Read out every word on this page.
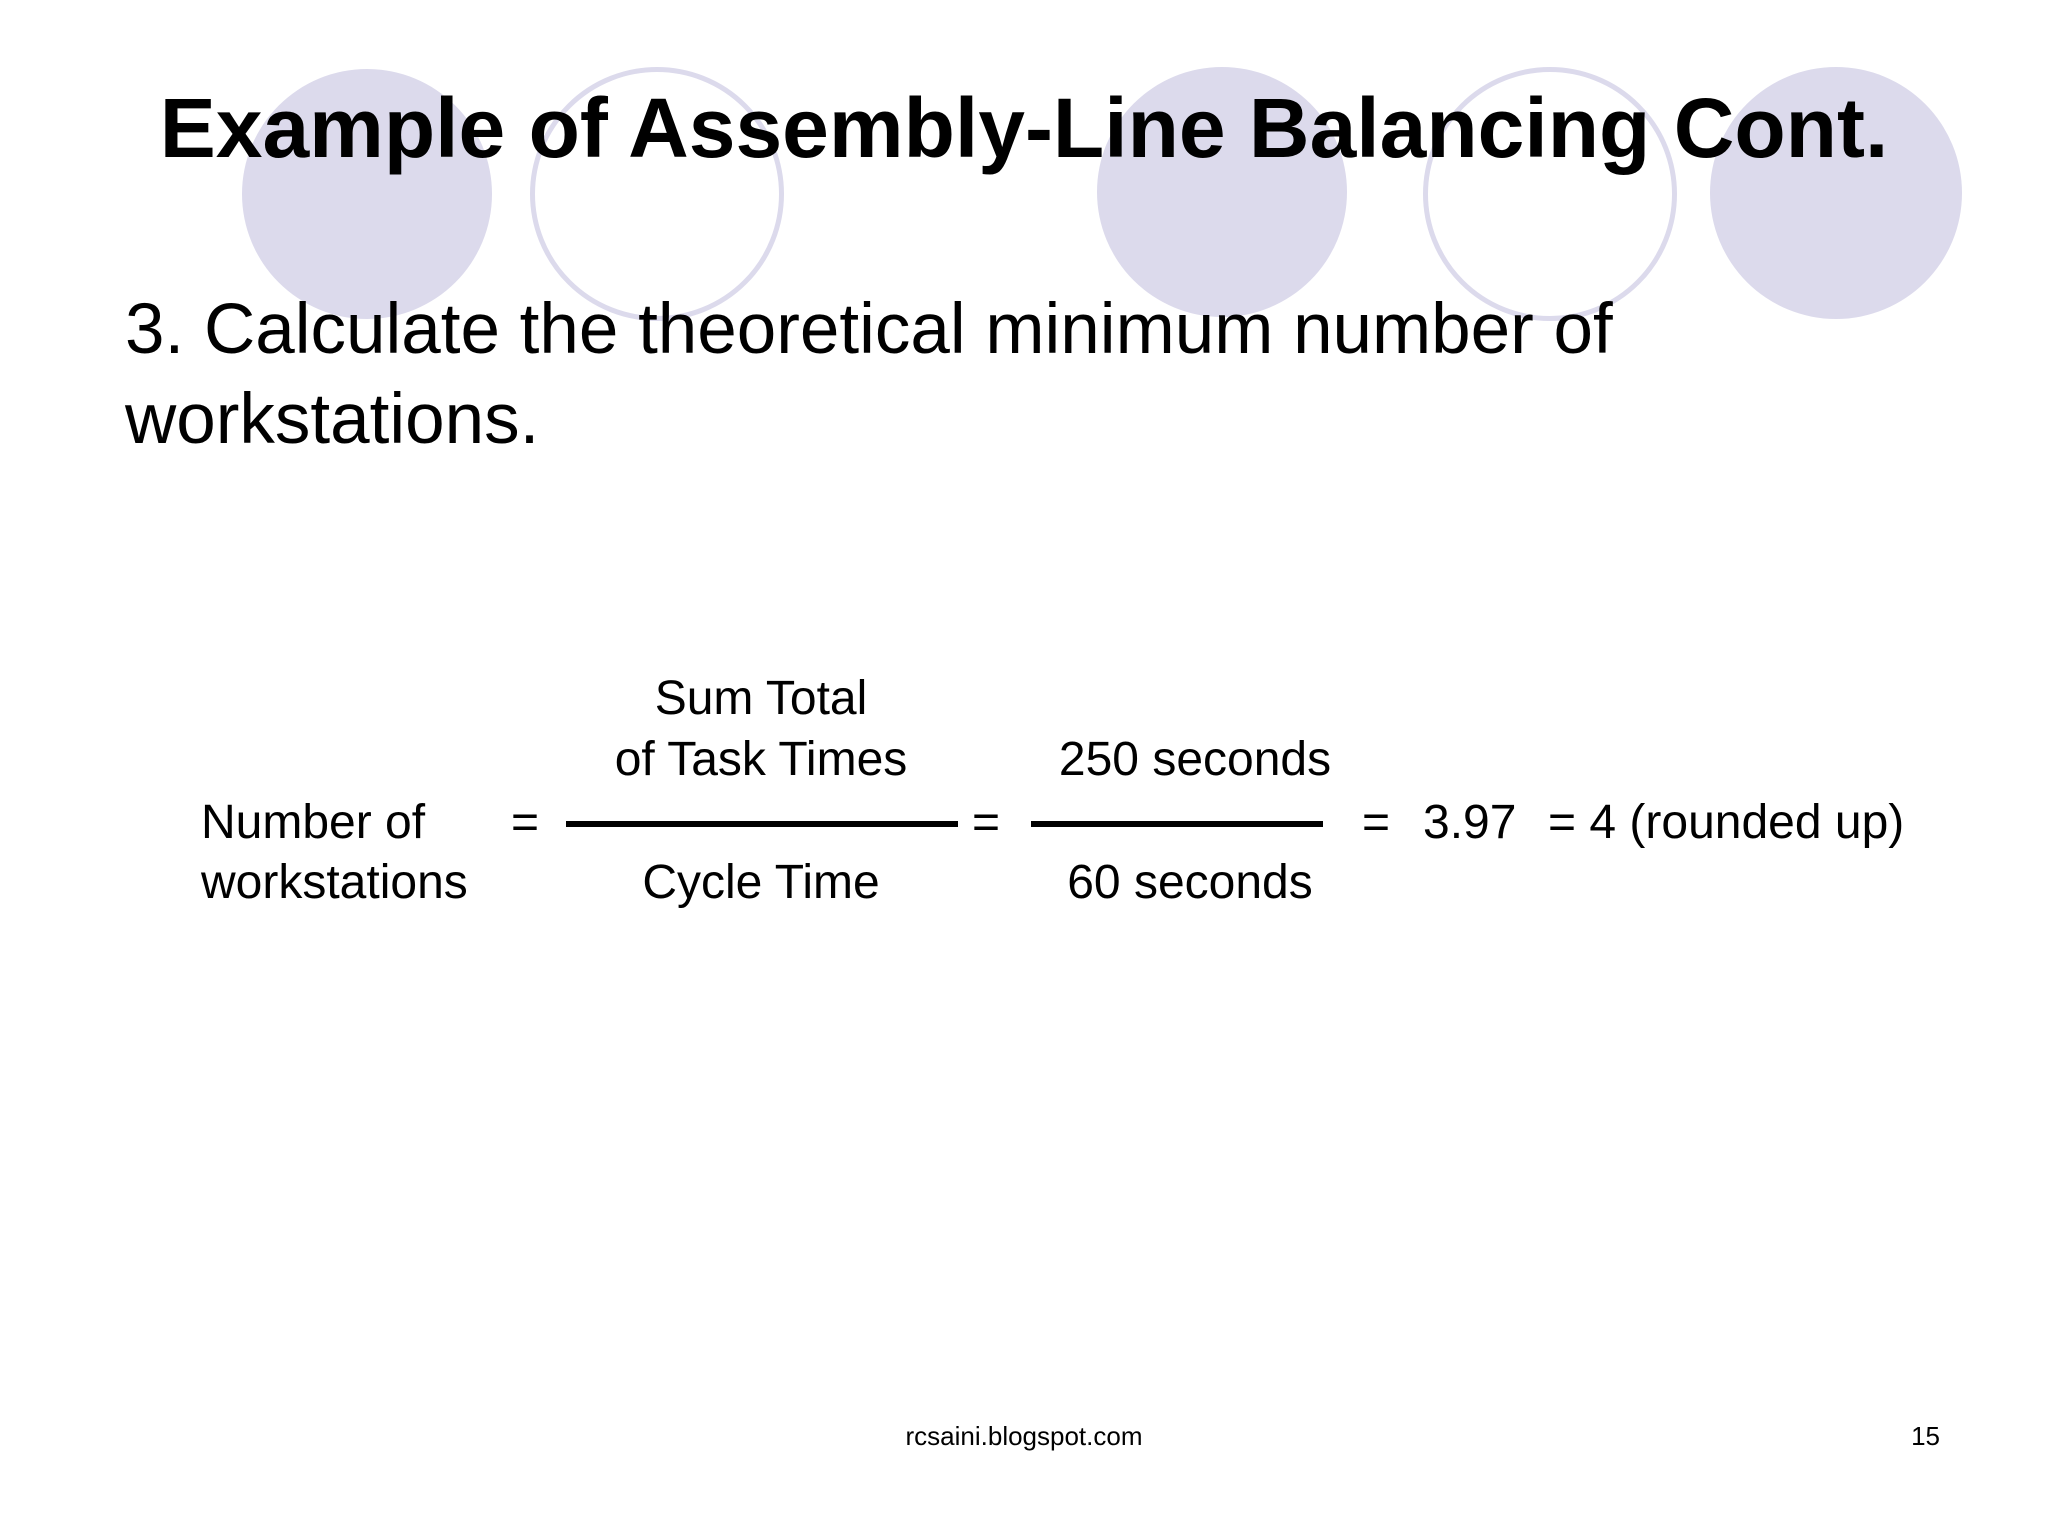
Example of Assembly-Line Balancing Cont.

3. Calculate the theoretical minimum number of workstations.

Number of
workstations
=
Sum Total
of Task Times
Cycle Time
=
250 seconds
60 seconds
= 3.97 = 4 (rounded up)
rcsaini.blogspot.com	15
